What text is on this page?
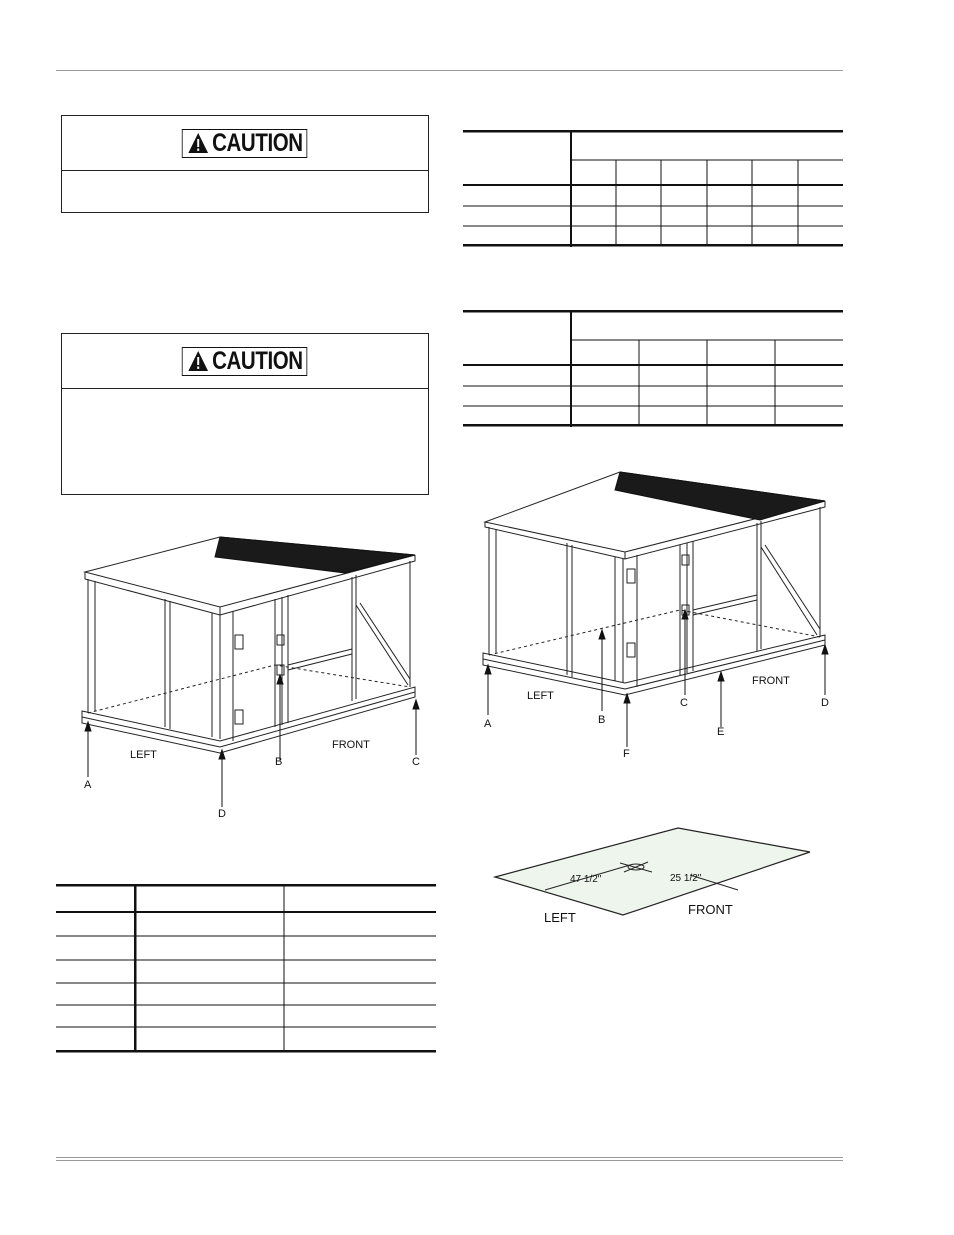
CAUTION
CAUTION
LEFT
FRONT
A
B	C
D
LEFT
FRONT
A	B
C	D
E
F
47 1/2"	25 1/2"
LEFT
FRONT
